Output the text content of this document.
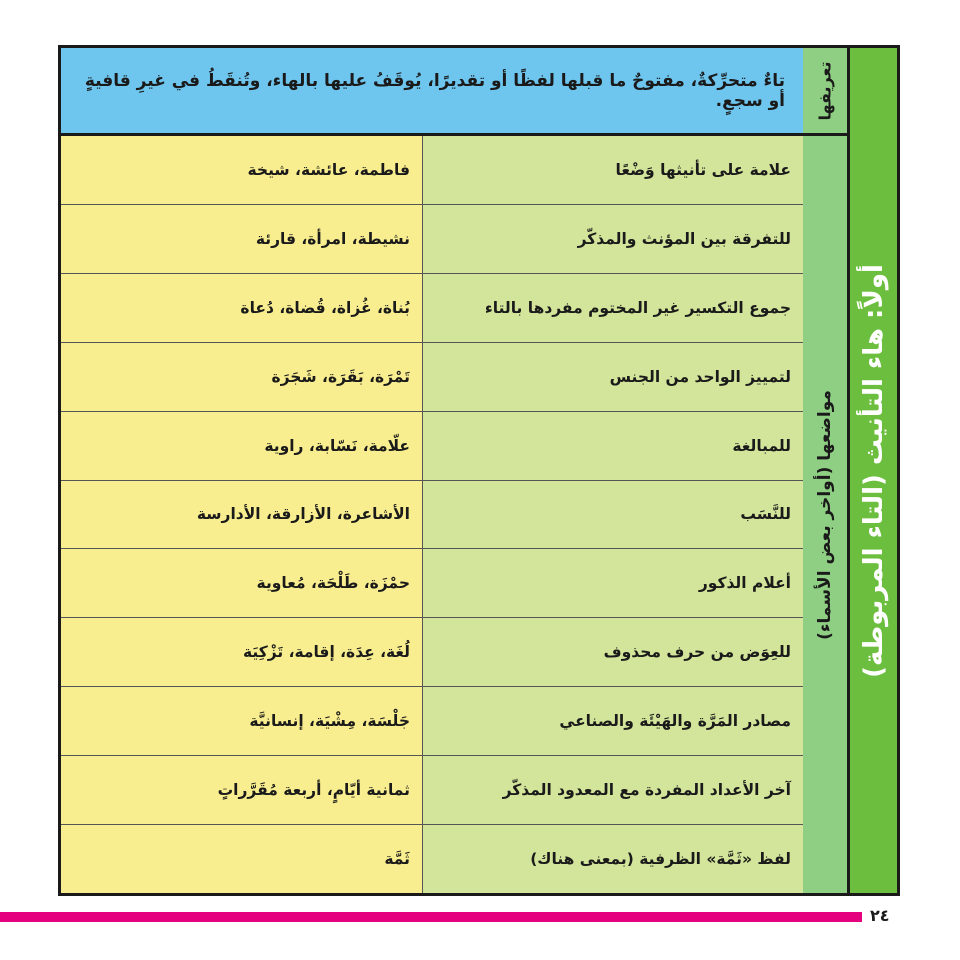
أولاً: هاء التأنيث (التاء المربوطة)
تعريفها
مواضعها (أواخر بعض الأسماء)
تاءٌ متحرِّكةٌ، مفتوحٌ ما قبلها لفظًا أو تقديرًا، يُوقَفُ عليها بالهاء، وتُنقَطُ في غيرِ قافيةٍ أو سجعٍ.
فاطمة، عائشة، شيخة	علامة على تأنيثها وَضْعًا
نشيطة، امرأة، قارئة	للتفرقة بين المؤنث والمذكّر
بُناة، غُزاة، قُضاة، دُعاة	جموع التكسير غير المختوم مفردها بالتاء
تَمْرَة، بَقَرَة، شَجَرَة	لتمييز الواحد من الجنس
علّامة، نَسّابة، راوية	للمبالغة
الأشاعرة، الأزارقة، الأدارسة	للنَّسَب
حمْزَة، طَلْحَة، مُعاوية	أعلام الذكور
لُغَة، عِدَة، إقامة، تَزْكِيَة	للعِوَض من حرف محذوف
جَلْسَة، مِشْيَة، إنسانيَّة	مصادر المَرَّة والهَيْئَة والصناعي
ثمانية أيّامٍ، أربعة مُقَرَّراتٍ	آخر الأعداد المفردة مع المعدود المذكّر
ثَمَّة	لفظ «ثَمَّة» الظرفية (بمعنى هناك)
٢٤
